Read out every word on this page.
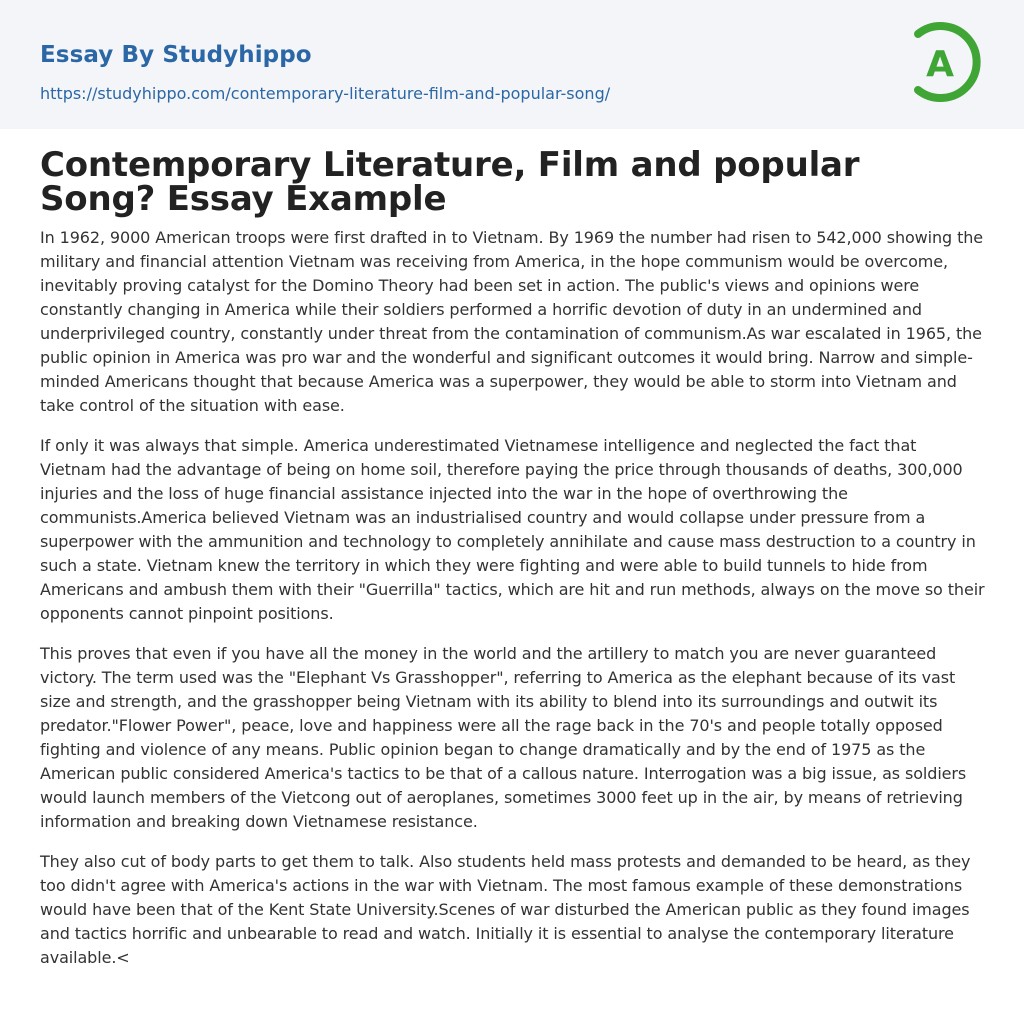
Essay By Studyhippo
https://studyhippo.com/contemporary-literature-film-and-popular-song/
A
Contemporary Literature, Film and popular Song? Essay Example

In 1962, 9000 American troops were first drafted in to Vietnam. By 1969 the number had risen to 542,000 showing the military and financial attention Vietnam was receiving from America, in the hope communism would be overcome, inevitably proving catalyst for the Domino Theory had been set in action. The public's views and opinions were constantly changing in America while their soldiers performed a horrific devotion of duty in an undermined and underprivileged country, constantly under threat from the contamination of communism.As war escalated in 1965, the public opinion in America was pro war and the wonderful and significant outcomes it would bring. Narrow and simple-minded Americans thought that because America was a superpower, they would be able to storm into Vietnam and take control of the situation with ease.

If only it was always that simple. America underestimated Vietnamese intelligence and neglected the fact that Vietnam had the advantage of being on home soil, therefore paying the price through thousands of deaths, 300,000 injuries and the loss of huge financial assistance injected into the war in the hope of overthrowing the communists.America believed Vietnam was an industrialised country and would collapse under pressure from a superpower with the ammunition and technology to completely annihilate and cause mass destruction to a country in such a state. Vietnam knew the territory in which they were fighting and were able to build tunnels to hide from Americans and ambush them with their "Guerrilla" tactics, which are hit and run methods, always on the move so their opponents cannot pinpoint positions.

This proves that even if you have all the money in the world and the artillery to match you are never guaranteed victory. The term used was the "Elephant Vs Grasshopper", referring to America as the elephant because of its vast size and strength, and the grasshopper being Vietnam with its ability to blend into its surroundings and outwit its predator."Flower Power", peace, love and happiness were all the rage back in the 70's and people totally opposed fighting and violence of any means. Public opinion began to change dramatically and by the end of 1975 as the American public considered America's tactics to be that of a callous nature. Interrogation was a big issue, as soldiers would launch members of the Vietcong out of aeroplanes, sometimes 3000 feet up in the air, by means of retrieving information and breaking down Vietnamese resistance.

They also cut of body parts to get them to talk. Also students held mass protests and demanded to be heard, as they too didn't agree with America's actions in the war with Vietnam. The most famous example of these demonstrations would have been that of the Kent State University.Scenes of war disturbed the American public as they found images and tactics horrific and unbearable to read and watch. Initially it is essential to analyse the contemporary literature available.<
